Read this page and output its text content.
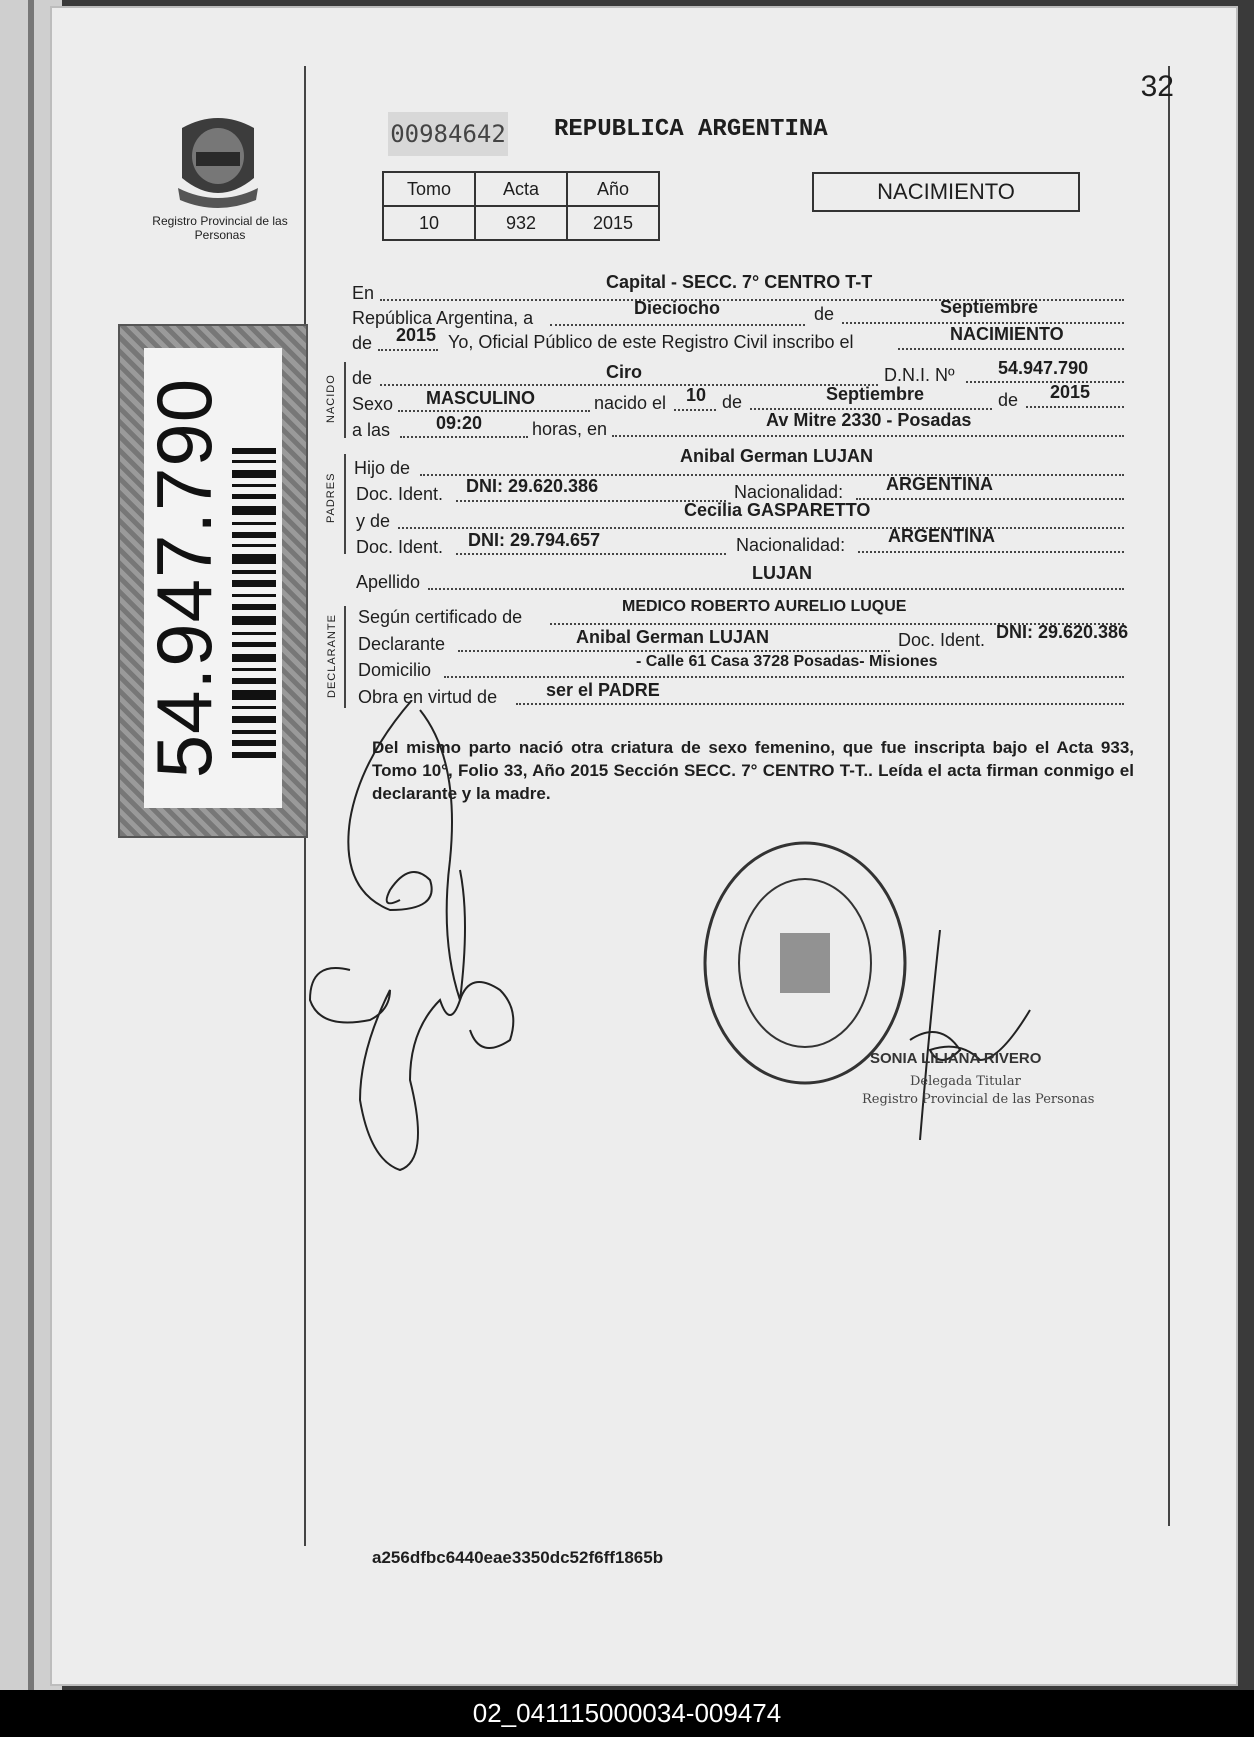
32
Registro Provincial de las Personas
54.947.790
00984642 REPUBLICA ARGENTINA
Tomo	Acta	Año
10	932	2015
NACIMIENTO
En
Capital - SECC. 7° CENTRO T-T
República Argentina, a	Dieciocho	de	Septiembre
de 2015 Yo, Oficial Público de este Registro Civil inscribo el	NACIMIENTO
NACIDO de	Ciro	D.N.I. Nº 54.947.790
Sexo MASCULINO	nacido el 10 de	Septiembre	de 2015
a las	09:20	horas, en	Av Mitre 2330 - Posadas
PADRES
Hijo de
Anibal German LUJAN
Doc. Ident. DNI: 29.620.386	Nacionalidad: ARGENTINA
y de
Cecilia GASPARETTO
Doc. Ident. DNI: 29.794.657	Nacionalidad: ARGENTINA
Apellido	LUJAN
DECLARANTE Según certificado de
MEDICO ROBERTO AURELIO LUQUE
Declarante	Anibal German LUJAN	Doc. Ident. DNI: 29.620.386
Domicilio	- Calle 61 Casa 3728 Posadas- Misiones
Obra en virtud de	ser el PADRE
Del mismo parto nació otra criatura de sexo femenino, que fue inscripta bajo el Acta 933, Tomo 10°, Folio 33, Año 2015 Sección SECC. 7° CENTRO T-T.. Leída el acta firman conmigo el declarante y la madre.
SONIA LILIANA RIVERO
Delegada Titular
Registro Provincial de las Personas
a256dfbc6440eae3350dc52f6ff1865b
02_041115000034-009474
